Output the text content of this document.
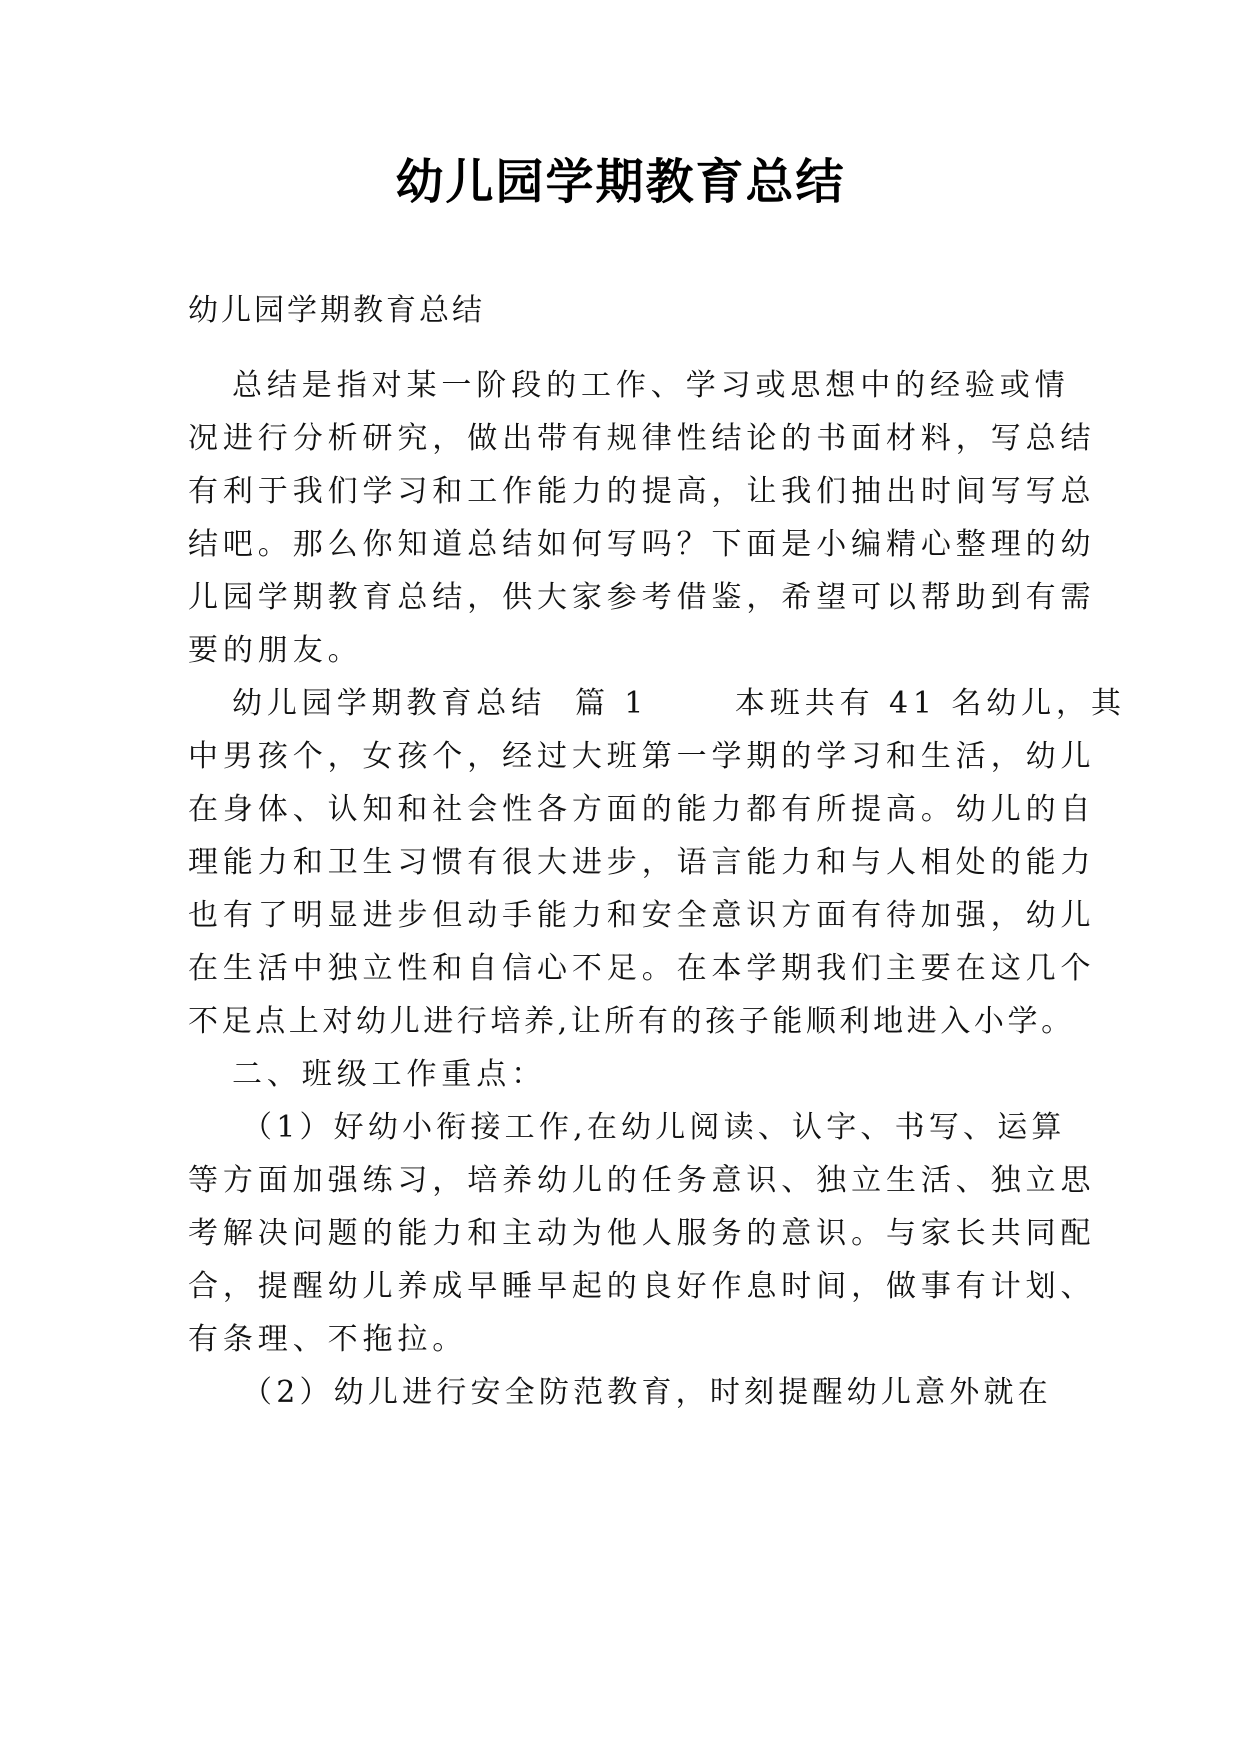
幼儿园学期教育总结

幼儿园学期教育总结

总结是指对某一阶段的工作、学习或思想中的经验或情

况进行分析研究，做出带有规律性结论的书面材料，写总结

有利于我们学习和工作能力的提高，让我们抽出时间写写总

结吧。那么你知道总结如何写吗？下面是小编精心整理的幼

儿园学期教育总结，供大家参考借鉴，希望可以帮助到有需

要的朋友。

幼儿园学期教育总结  篇 1      本班共有 41 名幼儿，其

中男孩个，女孩个，经过大班第一学期的学习和生活，幼儿

在身体、认知和社会性各方面的能力都有所提高。幼儿的自

理能力和卫生习惯有很大进步，语言能力和与人相处的能力

也有了明显进步但动手能力和安全意识方面有待加强，幼儿

在生活中独立性和自信心不足。在本学期我们主要在这几个

不足点上对幼儿进行培养,让所有的孩子能顺利地进入小学。

二、班级工作重点：

（1）好幼小衔接工作,在幼儿阅读、认字、书写、运算

等方面加强练习，培养幼儿的任务意识、独立生活、独立思

考解决问题的能力和主动为他人服务的意识。与家长共同配

合，提醒幼儿养成早睡早起的良好作息时间，做事有计划、

有条理、不拖拉。

（2）幼儿进行安全防范教育，时刻提醒幼儿意外就在
